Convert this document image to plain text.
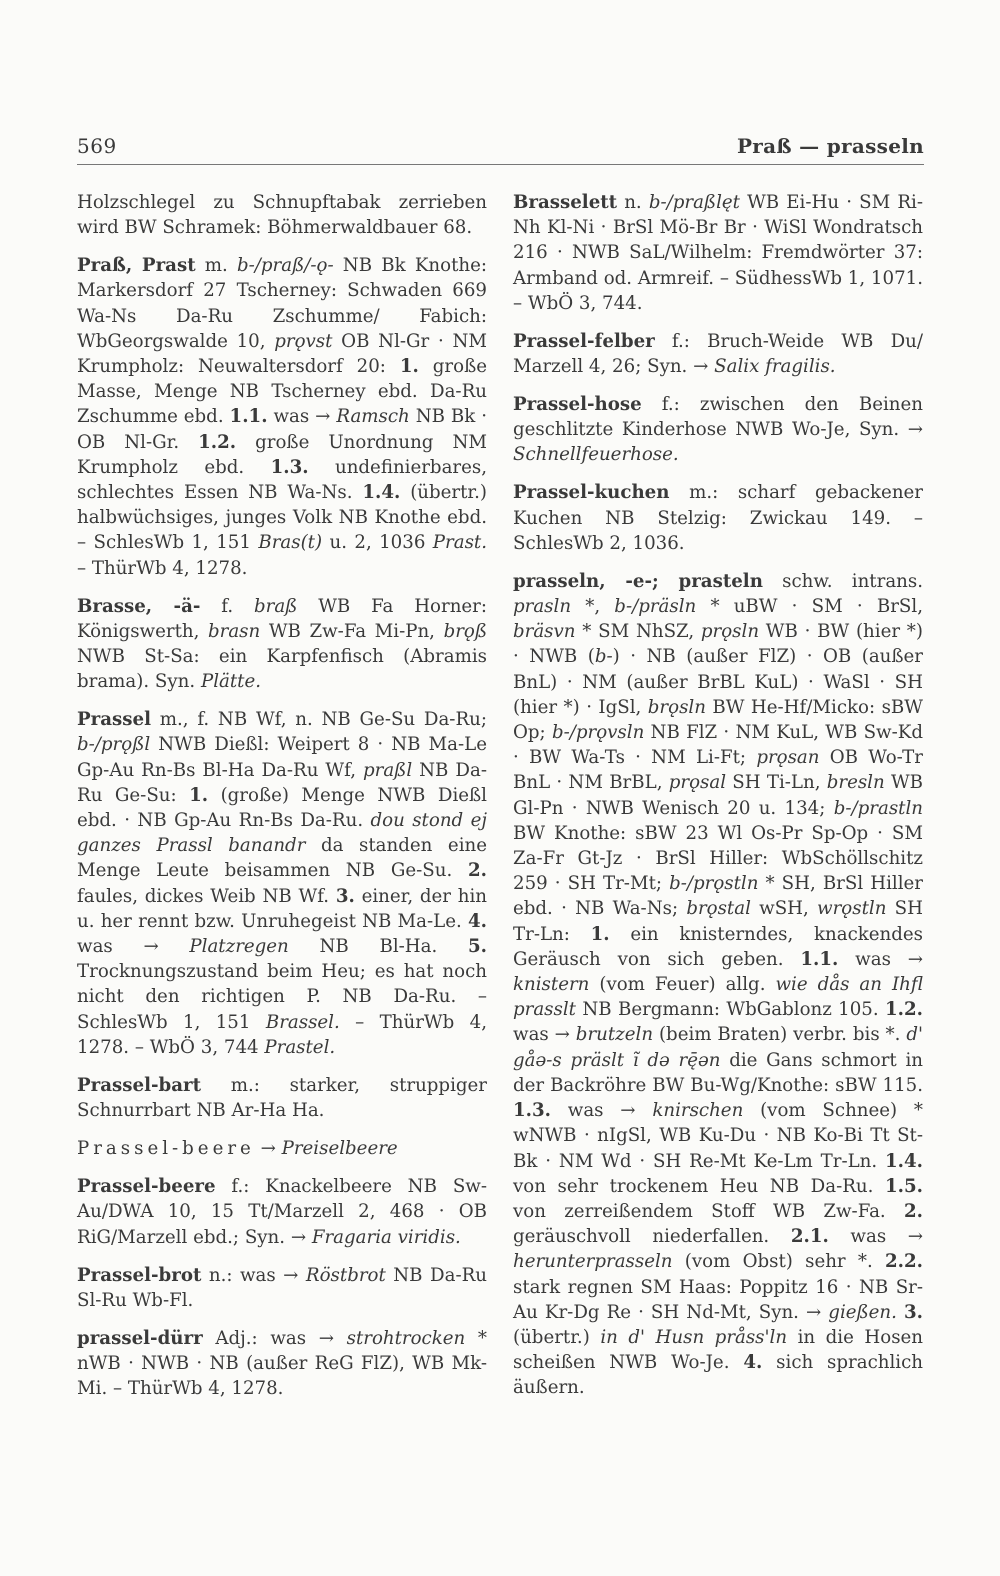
569	Praß — prasseln

Holzschlegel zu Schnupftabak zerrieben wird BW Schramek: Böhmerwaldbauer 68.

Praß, Prast m. b-/praß/-ǫ- NB Bk Knothe: Markersdorf 27 Tscherney: Schwaden 669 Wa-Ns Da-Ru Zschumme/ Fabich: WbGeorgswalde 10, prǫvst OB Nl-Gr · NM Krumpholz: Neuwaltersdorf 20: 1. große Masse, Menge NB Tscherney ebd. Da-Ru Zschumme ebd. 1.1. was → Ramsch NB Bk · OB Nl-Gr. 1.2. große Unordnung NM Krumpholz ebd. 1.3. undefinierbares, schlechtes Essen NB Wa-Ns. 1.4. (übertr.) halbwüchsiges, junges Volk NB Knothe ebd. – SchlesWb 1, 151 Bras(t) u. 2, 1036 Prast. – ThürWb 4, 1278.

Brasse, -ä- f. braß WB Fa Horner: Königswerth, brasn WB Zw-Fa Mi-Pn, brǫß NWB St-Sa: ein Karpfenfisch (Abramis brama). Syn. Plätte.

Prassel m., f. NB Wf, n. NB Ge-Su Da-Ru; b-/prǫßl NWB Dießl: Weipert 8 · NB Ma-Le Gp-Au Rn-Bs Bl-Ha Da-Ru Wf, praßl NB Da-Ru Ge-Su: 1. (große) Menge NWB Dießl ebd. · NB Gp-Au Rn-Bs Da-Ru. dou stond ej ganzes Prassl banandr da standen eine Menge Leute beisammen NB Ge-Su. 2. faules, dickes Weib NB Wf. 3. einer, der hin u. her rennt bzw. Unruhegeist NB Ma-Le. 4. was → Platzregen NB Bl-Ha. 5. Trocknungszustand beim Heu; es hat noch nicht den richtigen P. NB Da-Ru. – SchlesWb 1, 151 Brassel. – ThürWb 4, 1278. – WbÖ 3, 744 Prastel.

Prassel-bart m.: starker, struppiger Schnurrbart NB Ar-Ha Ha.

Prassel-beere → Preiselbeere

Prassel-beere f.: Knackelbeere NB Sw-Au/DWA 10, 15 Tt/Marzell 2, 468 · OB RiG/Marzell ebd.; Syn. → Fragaria viridis.

Prassel-brot n.: was → Röstbrot NB Da-Ru Sl-Ru Wb-Fl.

prassel-dürr Adj.: was → strohtrocken * nWB · NWB · NB (außer ReG FlZ), WB Mk-Mi. – ThürWb 4, 1278.

Brasselett n. b-/praßlęt WB Ei-Hu · SM Ri-Nh Kl-Ni · BrSl Mö-Br Br · WiSl Wondratsch 216 · NWB SaL/Wilhelm: Fremdwörter 37: Armband od. Armreif. – SüdhessWb 1, 1071. – WbÖ 3, 744.

Prassel-felber f.: Bruch-Weide WB Du/ Marzell 4, 26; Syn. → Salix fragilis.

Prassel-hose f.: zwischen den Beinen geschlitzte Kinderhose NWB Wo-Je, Syn. → Schnellfeuerhose.

Prassel-kuchen m.: scharf gebackener Kuchen NB Stelzig: Zwickau 149. – SchlesWb 2, 1036.

prasseln, -e-; prasteln schw. intrans. prasln *, b-/präsln * uBW · SM · BrSl, bräsvn * SM NhSZ, prǫsln WB · BW (hier *) · NWB (b-) · NB (außer FlZ) · OB (außer BnL) · NM (außer BrBL KuL) · WaSl · SH (hier *) · IgSl, brǫsln BW He-Hf/Micko: sBW Op; b-/prǫvsln NB FlZ · NM KuL, WB Sw-Kd · BW Wa-Ts · NM Li-Ft; prǫsan OB Wo-Tr BnL · NM BrBL, prǫsal SH Ti-Ln, bresln WB Gl-Pn · NWB Wenisch 20 u. 134; b-/prastln BW Knothe: sBW 23 Wl Os-Pr Sp-Op · SM Za-Fr Gt-Jz · BrSl Hiller: WbSchöllschitz 259 · SH Tr-Mt; b-/prǫstln * SH, BrSl Hiller ebd. · NB Wa-Ns; brǫstal wSH, wrǫstln SH Tr-Ln: 1. ein knisterndes, knackendes Geräusch von sich geben. 1.1. was → knistern (vom Feuer) allg. wie dås an Ihfl prasslt NB Bergmann: WbGablonz 105. 1.2. was → brutzeln (beim Braten) verbr. bis *. d' gåə-s präslt ĩ də rę̄ən die Gans schmort in der Backröhre BW Bu-Wg/Knothe: sBW 115. 1.3. was → knirschen (vom Schnee) * wNWB · nIgSl, WB Ku-Du · NB Ko-Bi Tt St-Bk · NM Wd · SH Re-Mt Ke-Lm Tr-Ln. 1.4. von sehr trockenem Heu NB Da-Ru. 1.5. von zerreißendem Stoff WB Zw-Fa. 2. geräuschvoll niederfallen. 2.1. was → herunterprasseln (vom Obst) sehr *. 2.2. stark regnen SM Haas: Poppitz 16 · NB Sr-Au Kr-Dg Re · SH Nd-Mt, Syn. → gießen. 3. (übertr.) in d' Husn pråss'ln in die Hosen scheißen NWB Wo-Je. 4. sich sprachlich äußern.
